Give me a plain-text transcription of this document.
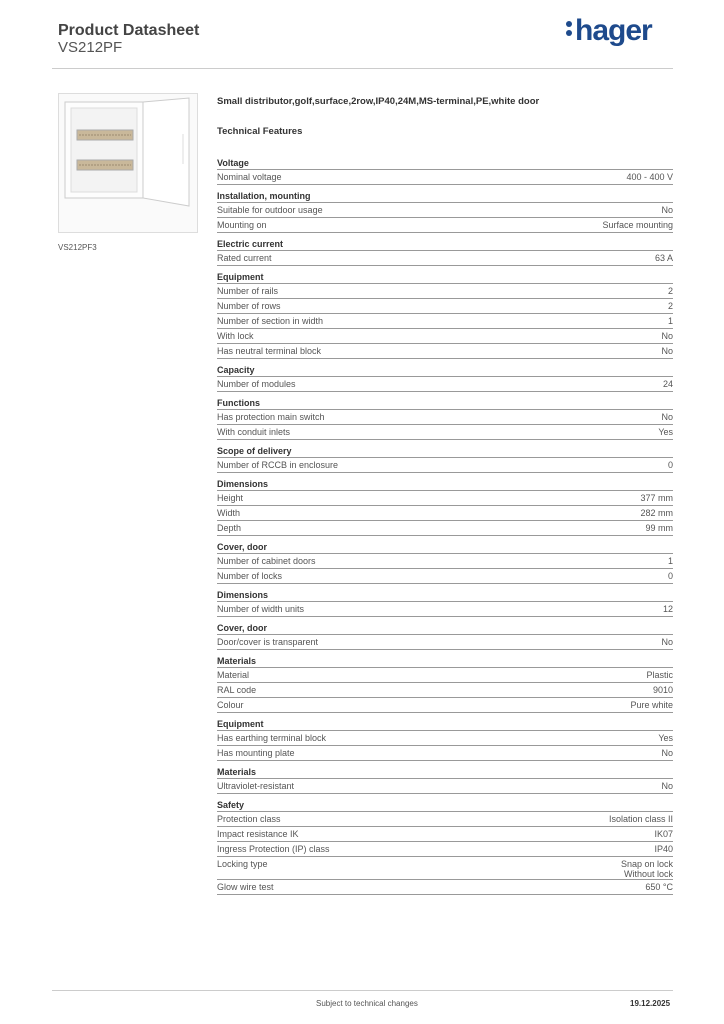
Product Datasheet
VS212PF
hager
VS212PF3
Small distributor,golf,surface,2row,IP40,24M,MS-terminal,PE,white door
Technical Features
Voltage
Nominal voltage	400 - 400 V
Installation, mounting
Suitable for outdoor usage	No
Mounting on	Surface mounting
Electric current
Rated current	63 A
Equipment
Number of rails	2
Number of rows	2
Number of section in width	1
With lock	No
Has neutral terminal block	No
Capacity
Number of modules	24
Functions
Has protection main switch	No
With conduit inlets	Yes
Scope of delivery
Number of RCCB in enclosure	0
Dimensions
Height	377 mm
Width	282 mm
Depth	99 mm
Cover, door
Number of cabinet doors	1
Number of locks	0
Dimensions
Number of width units	12
Cover, door
Door/cover is transparent	No
Materials
Material	Plastic
RAL code	9010
Colour	Pure white
Equipment
Has earthing terminal block	Yes
Has mounting plate	No
Materials
Ultraviolet-resistant	No
Safety
Protection class	Isolation class II
Impact resistance IK	IK07
Ingress Protection (IP) class	IP40
Locking type	Snap on lock
Without lock
Glow wire test	650 °C
Subject to technical changes	19.12.2025
